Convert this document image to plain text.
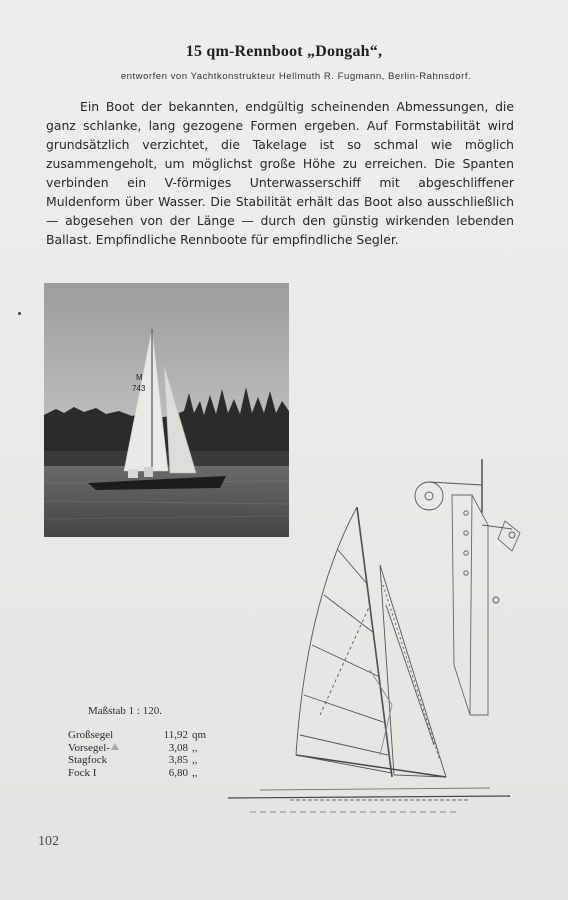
15 qm-Rennboot „Dongah“,
entworfen von Yachtkonstrukteur Hellmuth R. Fugmann, Berlin-Rahnsdorf.
Ein Boot der bekannten, endgültig scheinenden Abmessungen, die ganz schlanke, lang gezogene Formen ergeben. Auf Formstabilität wird grundsätzlich verzichtet, die Takelage ist so schmal wie möglich zusammengeholt, um möglichst große Höhe zu erreichen. Die Spanten verbinden ein V-förmiges Unterwasserschiff mit abgeschliffener Muldenform über Wasser. Die Stabilität erhält das Boot also ausschließlich — abgesehen von der Länge — durch den günstig wirkenden lebenden Ballast. Empfindliche Rennboote für empfindliche Segler.
M
743
Maßstab 1 : 120.
Großsegel	11,92	qm
Vorsegel-	3,08	,,
Stagfock	3,85	,,
Fock I	6,80	,,
102
